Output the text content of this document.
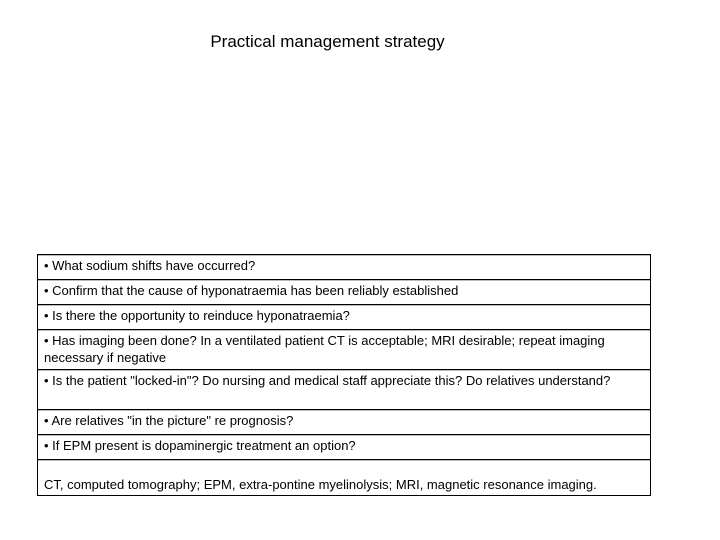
Practical management strategy
• What sodium shifts have occurred?
• Confirm that the cause of hyponatraemia has been reliably established
• Is there the opportunity to reinduce hyponatraemia?
• Has imaging been done? In a ventilated patient CT is acceptable; MRI desirable; repeat imaging necessary if negative
• Is the patient "locked-in"? Do nursing and medical staff appreciate this? Do relatives understand?
• Are relatives "in the picture" re prognosis?
• If EPM present is dopaminergic treatment an option?
CT, computed tomography; EPM, extra-pontine myelinolysis; MRI, magnetic resonance imaging.
